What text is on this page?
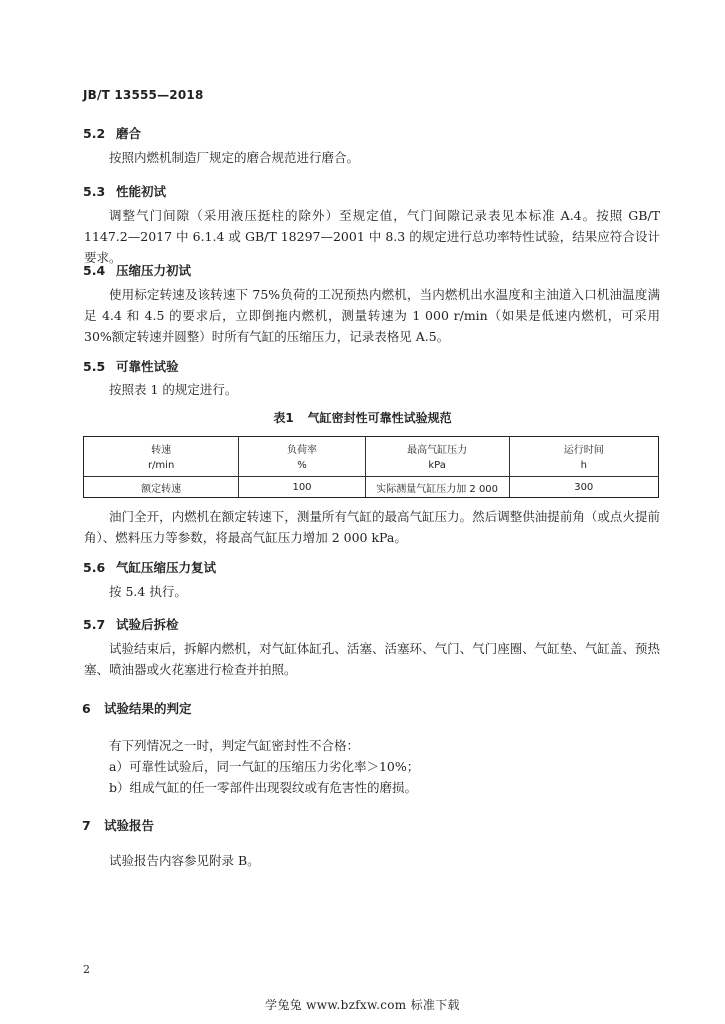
JB/T 13555—2018
5.2 磨合
按照内燃机制造厂规定的磨合规范进行磨合。
5.3 性能初试
调整气门间隙（采用液压挺柱的除外）至规定值，气门间隙记录表见本标准 A.4。按照 GB/T 1147.2—2017 中 6.1.4 或 GB/T 18297—2001 中 8.3 的规定进行总功率特性试验，结果应符合设计要求。
5.4 压缩压力初试
使用标定转速及该转速下 75%负荷的工况预热内燃机，当内燃机出水温度和主油道入口机油温度满足 4.4 和 4.5 的要求后，立即倒拖内燃机，测量转速为 1 000 r/min（如果是低速内燃机，可采用 30%额定转速并圆整）时所有气缸的压缩压力，记录表格见 A.5。
5.5 可靠性试验
按照表 1 的规定进行。
表1 气缸密封性可靠性试验规范
转速	负荷率	最高气缸压力	运行时间
r/min	%	kPa	h
额定转速	100	实际测量气缸压力加 2 000	300
油门全开，内燃机在额定转速下，测量所有气缸的最高气缸压力。然后调整供油提前角（或点火提前角）、燃料压力等参数，将最高气缸压力增加 2 000 kPa。
5.6 气缸压缩压力复试
按 5.4 执行。
5.7 试验后拆检
试验结束后，拆解内燃机，对气缸体缸孔、活塞、活塞环、气门、气门座圈、气缸垫、气缸盖、预热塞、喷油器或火花塞进行检查并拍照。
6 试验结果的判定
有下列情况之一时，判定气缸密封性不合格：
a）可靠性试验后，同一气缸的压缩压力劣化率＞10%；
b）组成气缸的任一零部件出现裂纹或有危害性的磨损。
7 试验报告
试验报告内容参见附录 B。
2
学兔兔 www.bzfxw.com 标准下载
